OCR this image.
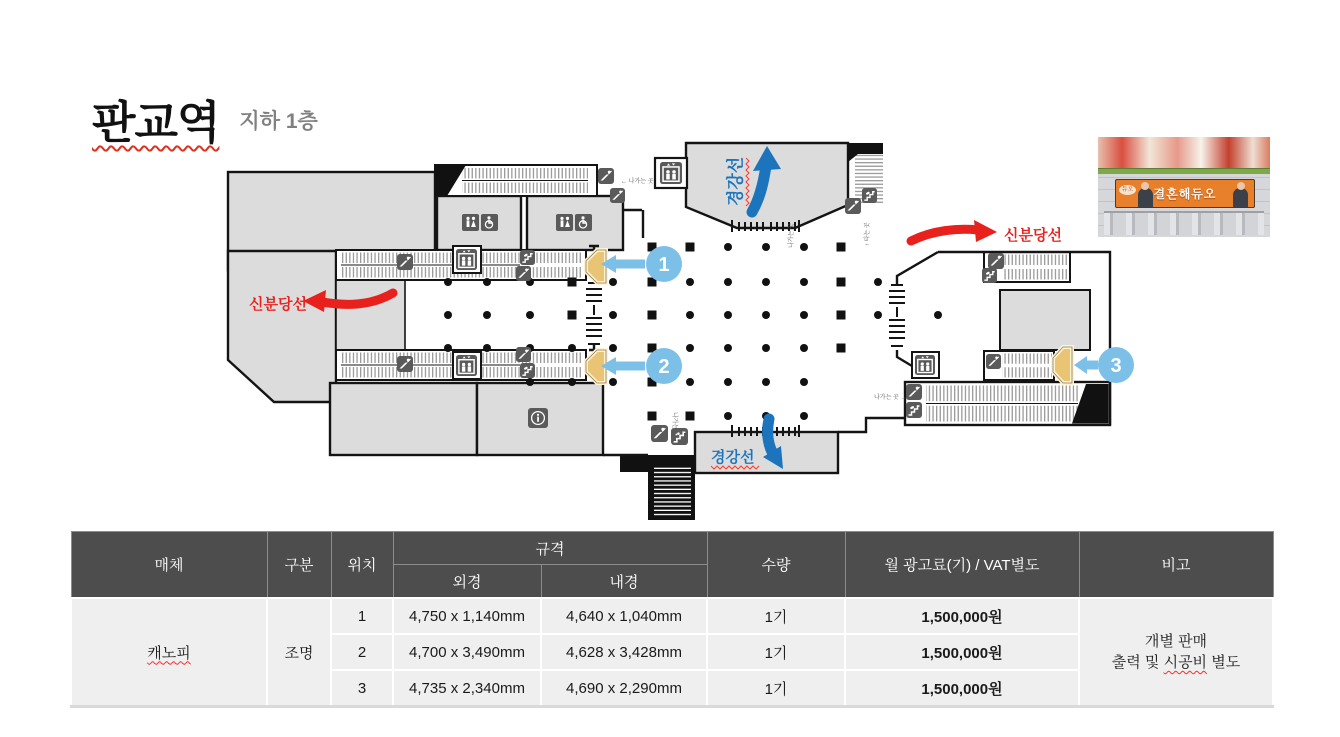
판교역 지하 1층
듀오 결혼해듀오
경강선
경강선
신분당선
신분당선
1
2	3
← 나가는 곳
↑ 타는 곳
나가는 곳
나가는 곳 ↓
나가는 곳 →
매체	구분	위치	규격		수량	월 광고료(기) / VAT별도	비고
			외경	내경			
캐노피	조명	1	4,750 x 1,140mm	4,640 x 1,040mm	1기	1,500,000원	개별 판매
출력 및 시공비 별도

		2	4,700 x 3,490mm	4,628 x 3,428mm	1기	1,500,000원	
		3	4,735 x 2,340mm	4,690 x 2,290mm	1기	1,500,000원	
